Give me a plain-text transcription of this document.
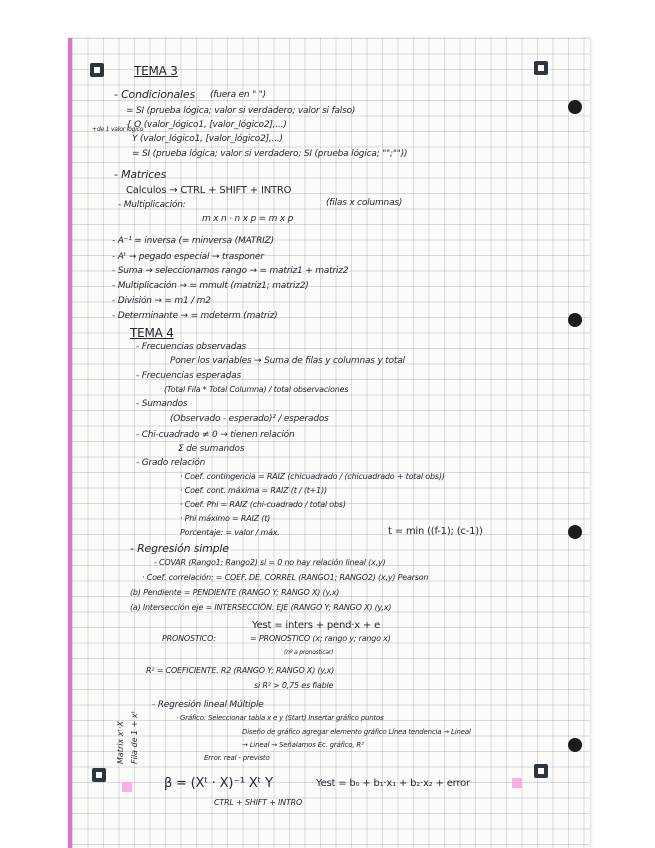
TEMA 3
- Condicionales (fuera en " ")
= SI (prueba lógica; valor si verdadero; valor si falso)
{ O (valor_lógico1, [valor_lógico2],...)
+de 1 valor lógico
Y (valor_lógico1, [valor_lógico2],...)
= SI (prueba lógica; valor si verdadero; SI (prueba lógica; "";""))
- Matrices
Calculos → CTRL + SHIFT + INTRO
- Multiplicación:	(filas x columnas)
m x n · n x p = m x p
- A⁻¹ = inversa (= minversa (MATRIZ)
- Aᵗ → pegado especial → trasponer
- Suma → seleccionamos rango → = matriz1 + matriz2
- Multiplicación → = mmult (matriz1; matriz2)
- División → = m1 / m2
- Determinante → = mdeterm (matriz)
TEMA 4
- Frecuencias observadas
Poner los variables → Suma de filas y columnas y total
- Frecuencias esperadas
(Total Fila * Total Columna) / total observaciones
- Sumandos
(Observado - esperado)² / esperados
- Chi-cuadrado ≠ 0 → tienen relación
Σ de sumandos
- Grado relación
· Coef. contingencia = RAIZ (chicuadrado / (chicuadrado + total obs))
· Coef. cont. máxima = RAIZ (t / (t+1))
· Coef. Phi = RAIZ (chi-cuadrado / total obs)
· Phi máximo = RAIZ (t)
Porcentaje: = valor / máx.	t = min ((f-1); (c-1))
- Regresión simple
- COVAR (Rango1; Rango2) si = 0 no hay relación lineal (x,y)
· Coef. correlación: = COEF. DE. CORREL (RANGO1; RANGO2) (x,y) Pearson
(b) Pendiente = PENDIENTE (RANGO Y; RANGO X) (y,x)
(a) Intersección eje = INTERSECCIÓN. EJE (RANGO Y; RANGO X) (y,x)
Yest = inters + pend·x + e
PRONOSTICO:	= PRONOSTICO (x; rango y; rango x)
(nº a pronosticar)
R² = COEFICIENTE. R2 (RANGO Y; RANGO X) (y,x)
si R² > 0,75 es fiable
- Regresión lineal Múltiple
· Gráfico: Seleccionar tabla x e y (Start) Insertar gráfico puntos
Diseño de gráfico agregar elemento gráfico Línea tendencia → Lineal
→ Lineal → Señalamos Ec. gráfico, R²
Error. real - previsto
β = (Xᵗ · X)⁻¹ Xᵗ Y
CTRL + SHIFT + INTRO
Yest = b₀ + b₁·x₁ + b₂·x₂ + error
Matrix xᵗ·X Fila de 1 + xᵗ
